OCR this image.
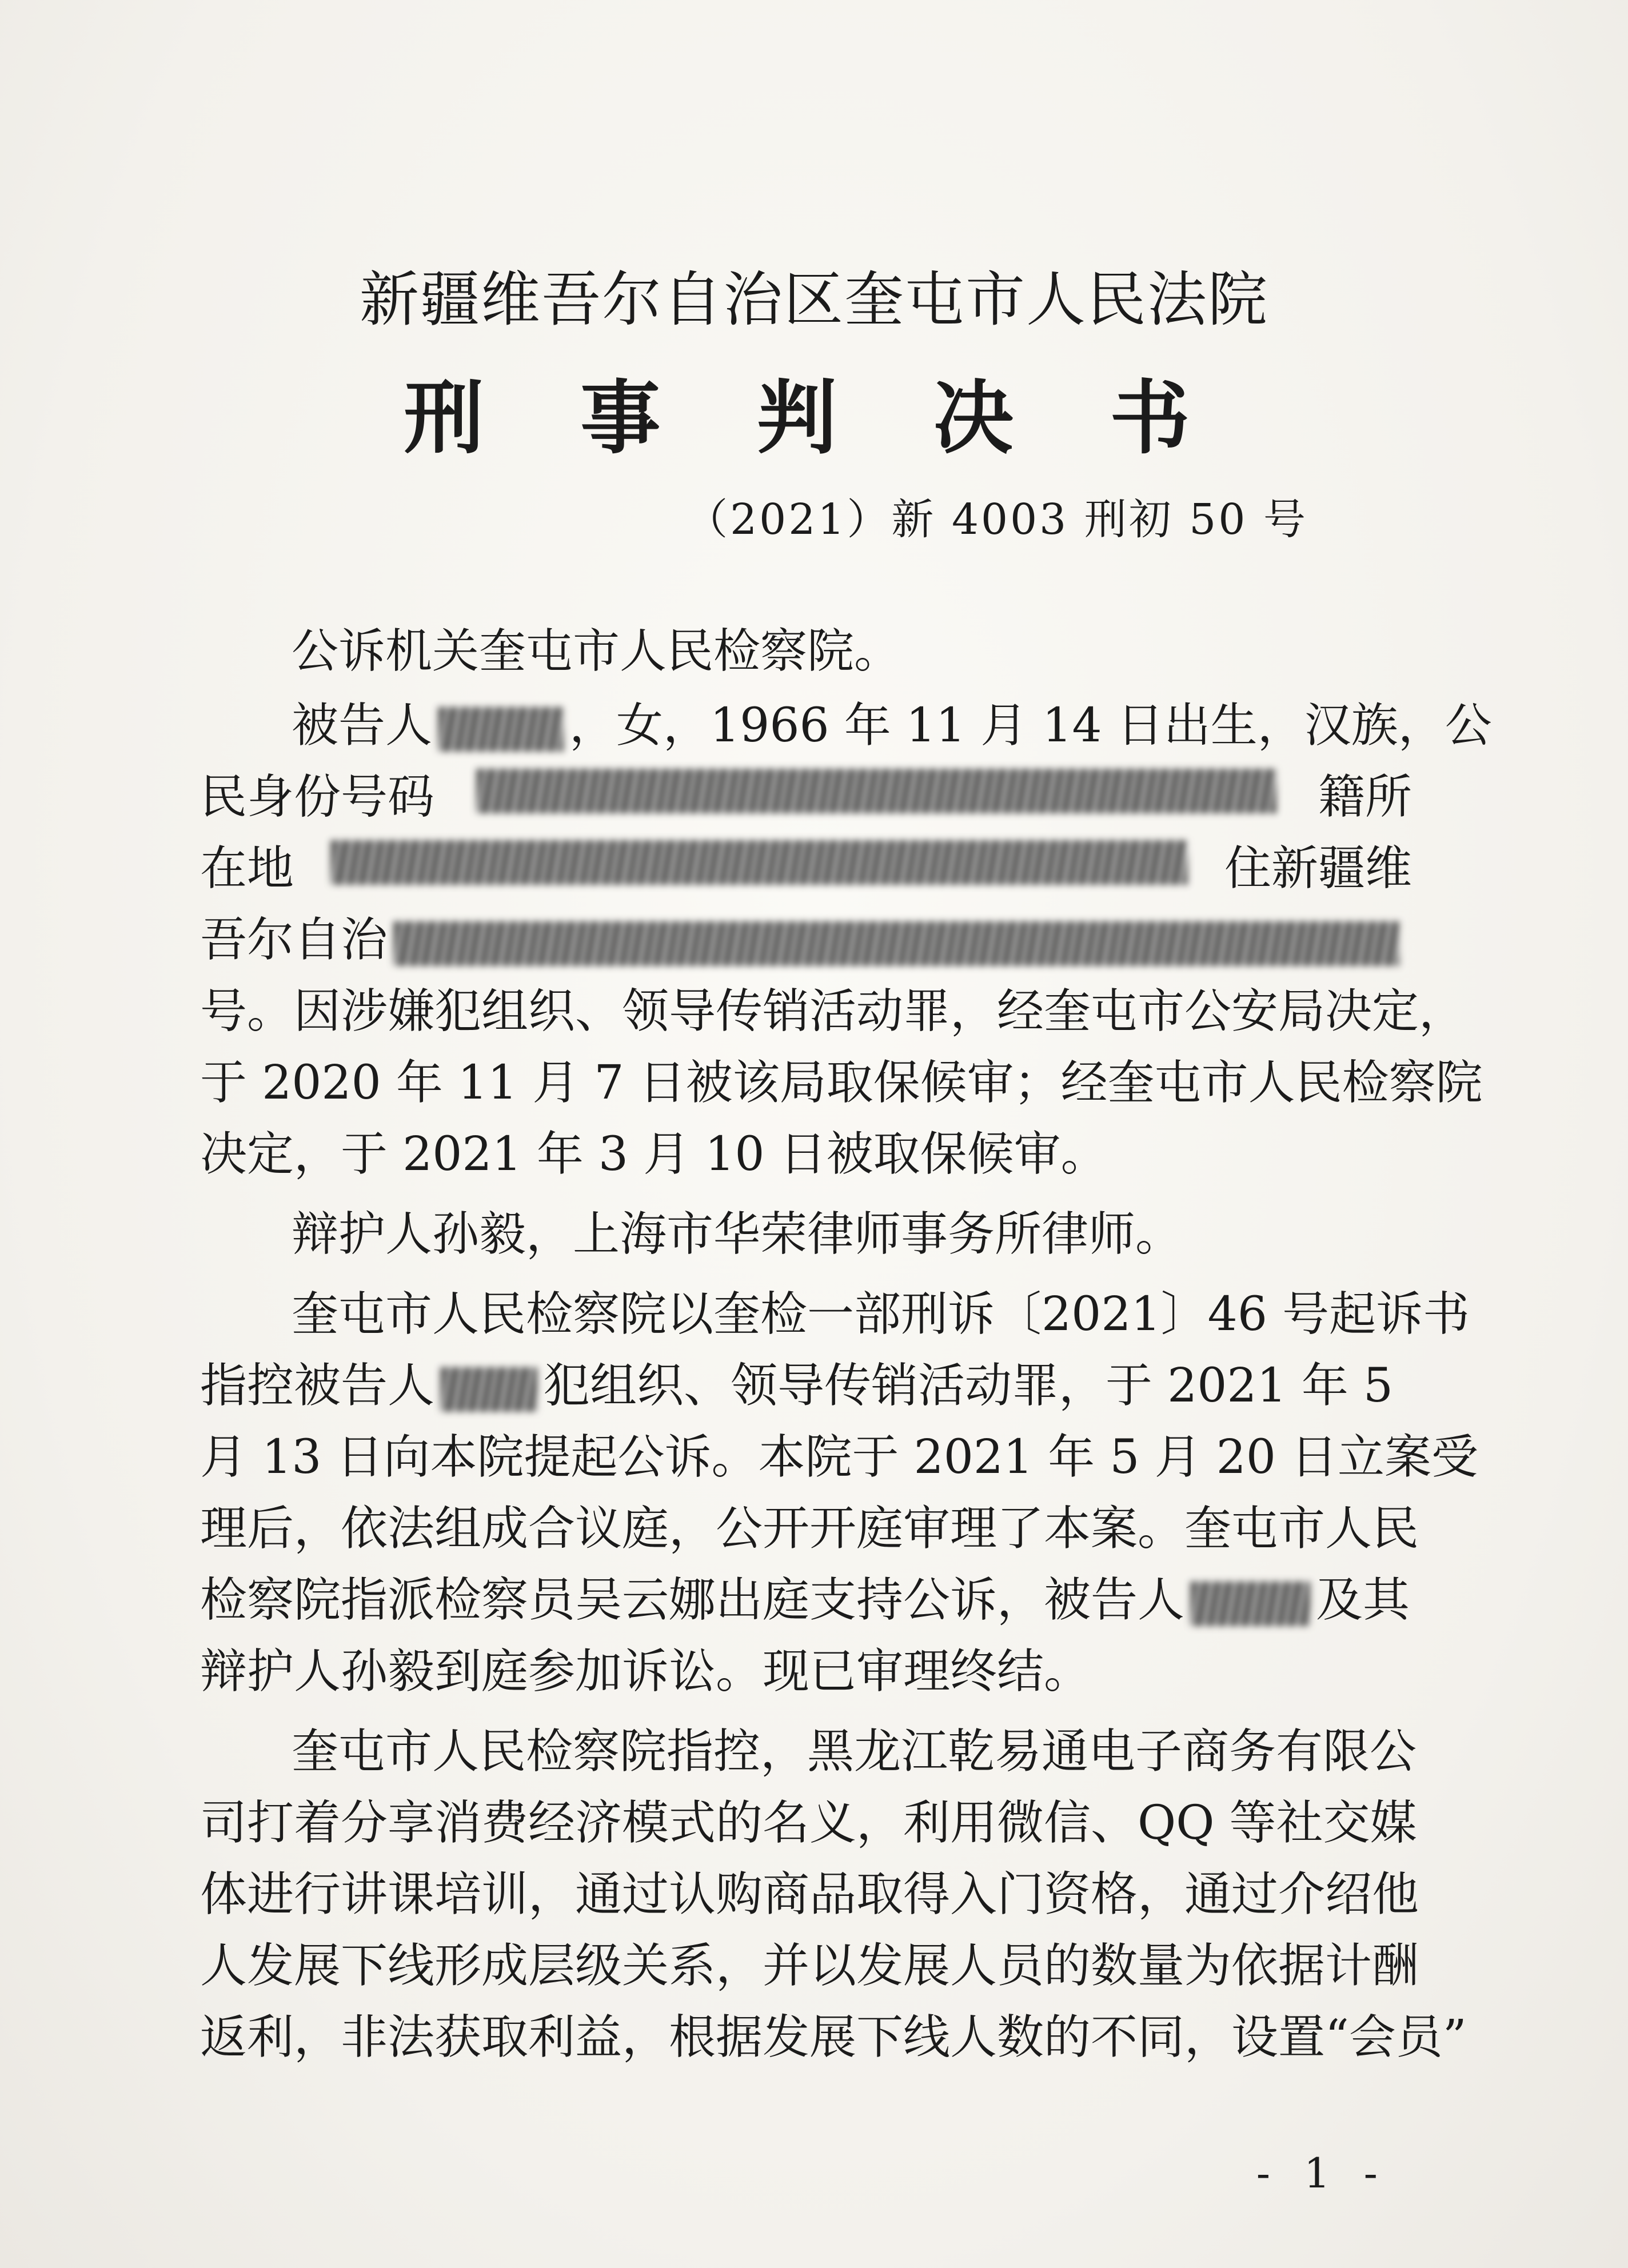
新疆维吾尔自治区奎屯市人民法院
刑 事 判 决 书
（2021）新 4003 刑初 50 号
公诉机关奎屯市人民检察院。
被告人	，女，1966 年 11 月 14 日出生，汉族，公
民身份号码	籍所
在地	住新疆维
吾尔自治
号。因涉嫌犯组织、领导传销活动罪，经奎屯市公安局决定，
于 2020 年 11 月 7 日被该局取保候审；经奎屯市人民检察院
决定，于 2021 年 3 月 10 日被取保候审。
辩护人孙毅，上海市华荣律师事务所律师。
奎屯市人民检察院以奎检一部刑诉〔2021〕46 号起诉书
指控被告人 犯组织、领导传销活动罪，于 2021 年 5
月 13 日向本院提起公诉。本院于 2021 年 5 月 20 日立案受
理后，依法组成合议庭，公开开庭审理了本案。奎屯市人民
检察院指派检察员吴云娜出庭支持公诉，被告人	及其
辩护人孙毅到庭参加诉讼。现已审理终结。
奎屯市人民检察院指控，黑龙江乾易通电子商务有限公
司打着分享消费经济模式的名义，利用微信、QQ 等社交媒
体进行讲课培训，通过认购商品取得入门资格，通过介绍他
人发展下线形成层级关系，并以发展人员的数量为依据计酬
返利，非法获取利益，根据发展下线人数的不同，设置“会员”
- 1 -
